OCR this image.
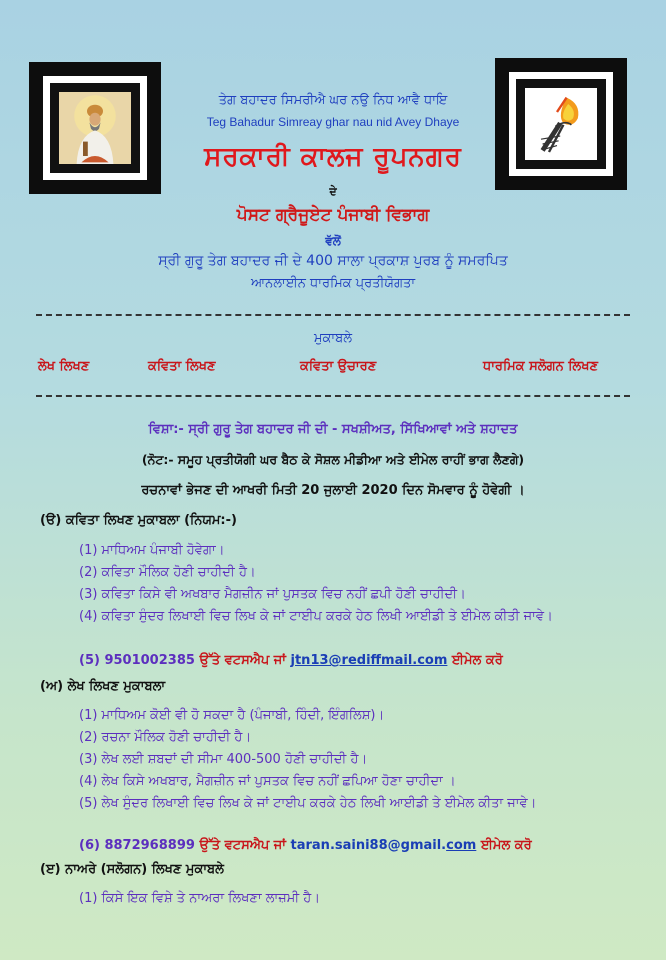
ਤੇਗ ਬਹਾਦਰ ਸਿਮਰੀਐ ਘਰ ਨਉ ਨਿਧ ਆਵੈ ਧਾਇ
Teg Bahadur Simreay ghar nau nid Avey Dhaye
ਸਰਕਾਰੀ ਕਾਲਜ ਰੂਪਨਗਰ
ਦੇ
ਪੋਸਟ ਗ੍ਰੈਜੂਏਟ ਪੰਜਾਬੀ ਵਿਭਾਗ
ਵੱਲੋਂ
ਸ੍ਰੀ ਗੁਰੂ ਤੇਗ ਬਹਾਦਰ ਜੀ ਦੇ 400 ਸਾਲਾ ਪ੍ਰਕਾਸ਼ ਪੁਰਬ ਨੂੰ ਸਮਰਪਿਤ
ਆਨਲਾਈਨ ਧਾਰਮਿਕ ਪ੍ਰਤੀਯੋਗਤਾ
ਮੁਕਾਬਲੇ
ਲੇਖ ਲਿਖਣ	ਕਵਿਤਾ ਲਿਖਣ	ਕਵਿਤਾ ਉਚਾਰਣ	ਧਾਰਮਿਕ ਸਲੋਗਨ ਲਿਖਣ
ਵਿਸ਼ਾ:- ਸ੍ਰੀ ਗੁਰੂ ਤੇਗ ਬਹਾਦਰ ਜੀ ਦੀ - ਸਖਸ਼ੀਅਤ, ਸਿੱਖਿਆਵਾਂ ਅਤੇ ਸ਼ਹਾਦਤ
(ਨੋਟ:- ਸਮੂਹ ਪ੍ਰਤੀਯੋਗੀ ਘਰ ਬੈਠ ਕੇ ਸੋਸ਼ਲ ਮੀਡੀਆ ਅਤੇ ਈਮੇਲ ਰਾਹੀਂ ਭਾਗ ਲੈਣਗੇ)
ਰਚਨਾਵਾਂ ਭੇਜਣ ਦੀ ਆਖਰੀ ਮਿਤੀ 20 ਜੁਲਾਈ 2020 ਦਿਨ ਸੋਮਵਾਰ ਨੂੰ ਹੋਵੇਗੀ ।
(ੳ) ਕਵਿਤਾ ਲਿਖਣ ਮੁਕਾਬਲਾ (ਨਿਯਮ:-)
(1) ਮਾਧਿਅਮ ਪੰਜਾਬੀ ਹੋਵੇਗਾ।
(2) ਕਵਿਤਾ ਮੌਲਿਕ ਹੋਣੀ ਚਾਹੀਦੀ ਹੈ।
(3) ਕਵਿਤਾ ਕਿਸੇ ਵੀ ਅਖਬਾਰ ਮੈਗਜ਼ੀਨ ਜਾਂ ਪੁਸਤਕ ਵਿਚ ਨਹੀਂ ਛਪੀ ਹੋਣੀ ਚਾਹੀਦੀ।
(4) ਕਵਿਤਾ ਸੁੰਦਰ ਲਿਖਾਈ ਵਿਚ ਲਿਖ ਕੇ ਜਾਂ ਟਾਈਪ ਕਰਕੇ ਹੇਠ ਲਿਖੀ ਆਈਡੀ ਤੇ ਈਮੇਲ ਕੀਤੀ ਜਾਵੇ।
(5) 9501002385 ਉੱਤੇ ਵਟਸਐਪ ਜਾਂ jtn13@rediffmail.com ਈਮੇਲ ਕਰੋ
(ਅ) ਲੇਖ ਲਿਖਣ ਮੁਕਾਬਲਾ
(1) ਮਾਧਿਅਮ ਕੋਈ ਵੀ ਹੋ ਸਕਦਾ ਹੈ (ਪੰਜਾਬੀ, ਹਿੰਦੀ, ਇੰਗਲਿਸ਼)।
(2) ਰਚਨਾ ਮੌਲਿਕ ਹੋਣੀ ਚਾਹੀਦੀ ਹੈ।
(3) ਲੇਖ ਲਈ ਸ਼ਬਦਾਂ ਦੀ ਸੀਮਾ 400-500 ਹੋਣੀ ਚਾਹੀਦੀ ਹੈ।
(4) ਲੇਖ ਕਿਸੇ ਅਖਬਾਰ, ਮੈਗਜ਼ੀਨ ਜਾਂ ਪੁਸਤਕ ਵਿਚ ਨਹੀਂ ਛਪਿਆ ਹੋਣਾ ਚਾਹੀਦਾ ।
(5) ਲੇਖ ਸੁੰਦਰ ਲਿਖਾਈ ਵਿਚ ਲਿਖ ਕੇ ਜਾਂ ਟਾਈਪ ਕਰਕੇ ਹੇਠ ਲਿਖੀ ਆਈਡੀ ਤੇ ਈਮੇਲ ਕੀਤਾ ਜਾਵੇ।
(6) 8872968899 ਉੱਤੇ ਵਟਸਐਪ ਜਾਂ taran.saini88@gmail.com ਈਮੇਲ ਕਰੋ
(ੲ) ਨਾਅਰੇ (ਸਲੋਗਨ) ਲਿਖਣ ਮੁਕਾਬਲੇ
(1) ਕਿਸੇ ਇਕ ਵਿਸ਼ੇ ਤੇ ਨਾਅਰਾ ਲਿਖਣਾ ਲਾਜ਼ਮੀ ਹੈ।
